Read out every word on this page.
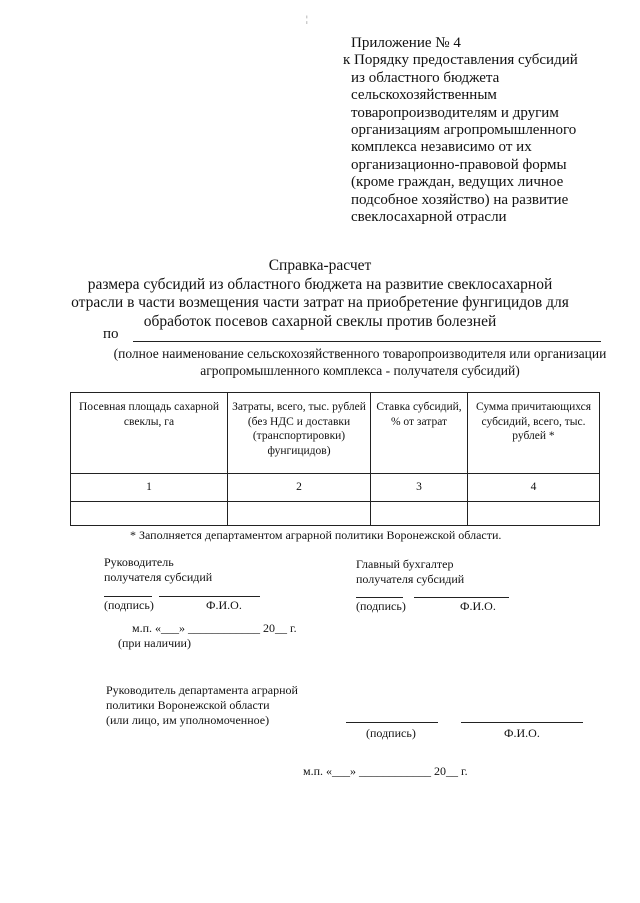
¦
Приложение № 4
к Порядку предоставления субсидий
из областного бюджета
сельскохозяйственным
товаропроизводителям и другим
организациям агропромышленного
комплекса независимо от их
организационно-правовой формы
(кроме граждан, ведущих личное
подсобное хозяйство) на развитие
свеклосахарной отрасли
Справка-расчет
размера субсидий из областного бюджета на развитие свеклосахарной
отрасли в части возмещения части затрат на приобретение фунгицидов для
обработок посевов сахарной свеклы против болезней
по
(полное наименование сельскохозяйственного товаропроизводителя или организации
агропромышленного комплекса - получателя субсидий)
Посевная площадь сахарной свеклы, га	Затраты, всего, тыс. рублей (без НДС и доставки (транспортировки) фунгицидов)	Ставка субсидий, % от затрат	Сумма причитающихся субсидий, всего, тыс. рублей *
1	2	3	4

* Заполняется департаментом аграрной политики Воронежской области.
Руководитель
получателя субсидий
(подпись)	Ф.И.О.
Главный бухгалтер
получателя субсидий
(подпись)	Ф.И.О.
м.п. «___» ____________ 20__ г.
(при наличии)
Руководитель департамента аграрной
политики Воронежской области
(или лицо, им уполномоченное)
(подпись)	Ф.И.О.
м.п. «___» ____________ 20__ г.
